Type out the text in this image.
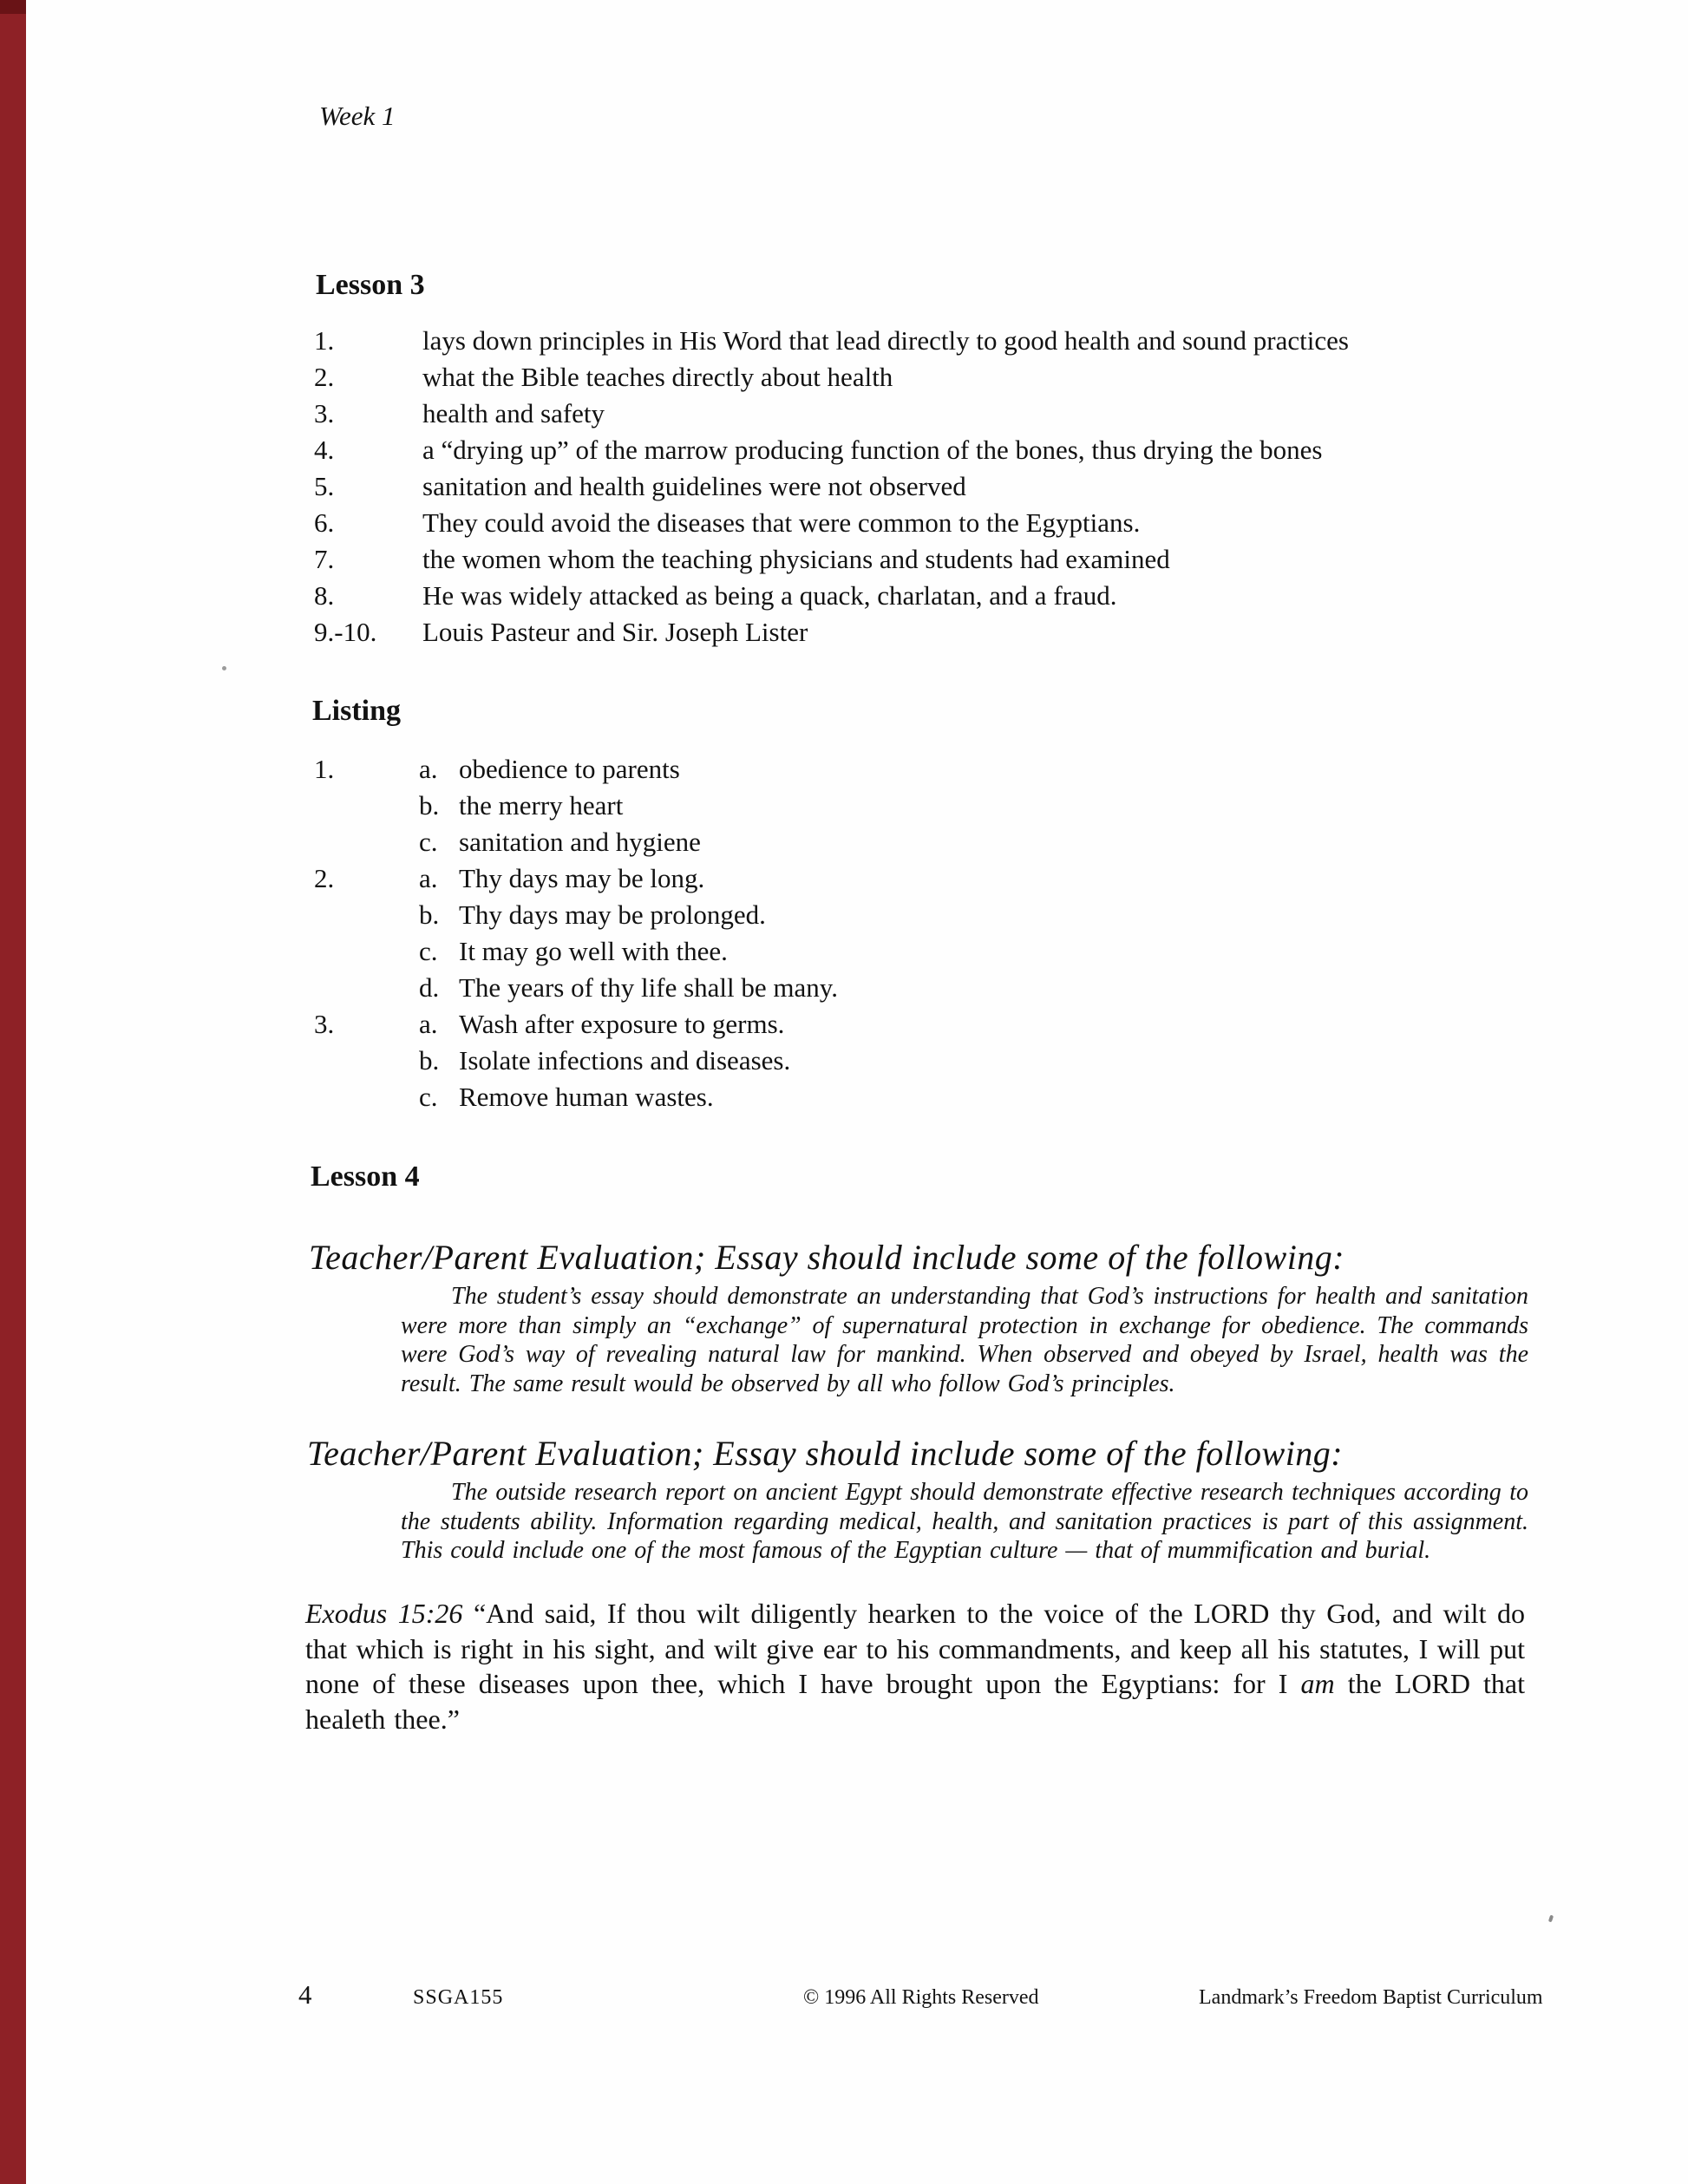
Week 1
Lesson 3
1.	lays down principles in His Word that lead directly to good health and sound practices
2.	what the Bible teaches directly about health
3.	health and safety
4.	a “drying up” of the marrow producing function of the bones, thus drying the bones
5.	sanitation and health guidelines were not observed
6.	They could avoid the diseases that were common to the Egyptians.
7.	the women whom the teaching physicians and students had examined
8.	He was widely attacked as being a quack, charlatan, and a fraud.
9.-10.	Louis Pasteur and Sir. Joseph Lister
Listing
1.	a. obedience to parents
b. the merry heart
c. sanitation and hygiene
2.	a. Thy days may be long.
b. Thy days may be prolonged.
c. It may go well with thee.
d. The years of thy life shall be many.
3.	a. Wash after exposure to germs.
b. Isolate infections and diseases.
c. Remove human wastes.
Lesson 4
Teacher/Parent Evaluation; Essay should include some of the following:
The student’s essay should demonstrate an understanding that God’s instructions for health and sanitation were more than simply an “exchange” of supernatural protection in exchange for obedience. The commands were God’s way of revealing natural law for mankind. When observed and obeyed by Israel, health was the result. The same result would be observed by all who follow God’s principles.
Teacher/Parent Evaluation; Essay should include some of the following:
The outside research report on ancient Egypt should demonstrate effective research techniques according to the students ability. Information regarding medical, health, and sanitation practices is part of this assignment. This could include one of the most famous of the Egyptian culture — that of mummification and burial.
Exodus 15:26 “And said, If thou wilt diligently hearken to the voice of the LORD thy God, and wilt do that which is right in his sight, and wilt give ear to his commandments, and keep all his statutes, I will put none of these diseases upon thee, which I have brought upon the Egyptians: for I am the LORD that healeth thee.”
4	SSGA155	© 1996 All Rights Reserved	Landmark’s Freedom Baptist Curriculum
